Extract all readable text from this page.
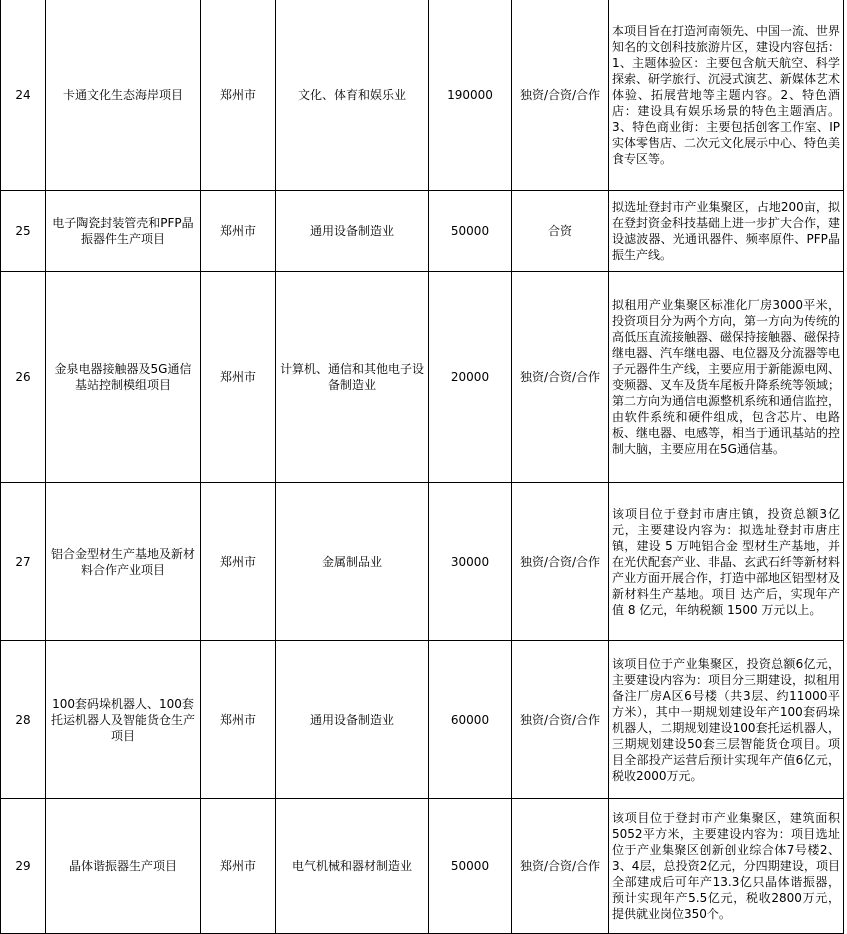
24	卡通文化生态海岸项目	郑州市	文化、体育和娱乐业	190000	独资/合资/合作	本项目旨在打造河南领先、中国一流、世界知名的文创科技旅游片区，建设内容包括：1、主题体验区：主要包含航天航空、科学探索、研学旅行、沉浸式演艺、新媒体艺术体验、拓展营地等主题内容。2、特色酒店：建设具有娱乐场景的特色主题酒店。3、特色商业街：主要包括创客工作室、IP实体零售店、二次元文化展示中心、特色美食专区等。
25	电子陶瓷封装管壳和PFP晶振器件生产项目	郑州市	通用设备制造业	50000	合资	拟选址登封市产业集聚区，占地200亩，拟在登封资金科技基础上进一步扩大合作，建设滤波器、光通讯器件、频率原件、PFP晶振生产线。
26	金泉电器接触器及5G通信基站控制模组项目	郑州市	计算机、通信和其他电子设备制造业	20000	独资/合资/合作	拟租用产业集聚区标准化厂房3000平米，投资项目分为两个方向，第一方向为传统的高低压直流接触器、磁保持接触器、磁保持继电器、汽车继电器、电位器及分流器等电子元器件生产线，主要应用于新能源电网、变频器、叉车及货车尾板升降系统等领域；第二方向为通信电源整机系统和通信监控，由软件系统和硬件组成，包含芯片、电路板、继电器、电感等，相当于通讯基站的控制大脑，主要应用在5G通信基。
27	铝合金型材生产基地及新材料合作产业项目	郑州市	金属制品业	30000	独资/合资/合作	该项目位于登封市唐庄镇，投资总额3亿元，主要建设内容为：拟选址登封市唐庄镇，建设 5 万吨铝合金 型材生产基地，并在光伏配套产业、非晶、玄武石纤等新材料产业方面开展合作，打造中部地区铝型材及新材料生产基地。项目 达产后，实现年产值 8 亿元，年纳税额 1500 万元以上。
28	100套码垛机器人、100套托运机器人及智能货仓生产项目	郑州市	通用设备制造业	60000	独资/合资/合作	该项目位于产业集聚区，投资总额6亿元，主要建设内容为：项目分三期建设，拟租用备注厂房A区6号楼（共3层、约11000平方米），其中一期规划建设年产100套码垛机器人，二期规划建设100套托运机器人，三期规划建设50套三层智能货仓项目。项目全部投产运营后预计实现年产值6亿元，税收2000万元。
29	晶体谐振器生产项目	郑州市	电气机械和器材制造业	50000	独资/合资/合作	该项目位于登封市产业集聚区，建筑面积5052平方米，主要建设内容为：项目选址位于产业集聚区创新创业综合体7号楼2、3、4层，总投资2亿元，分四期建设，项目全部建成后可年产13.3亿只晶体谐振器，预计实现年产5.5亿元，税收2800万元，提供就业岗位350个。
